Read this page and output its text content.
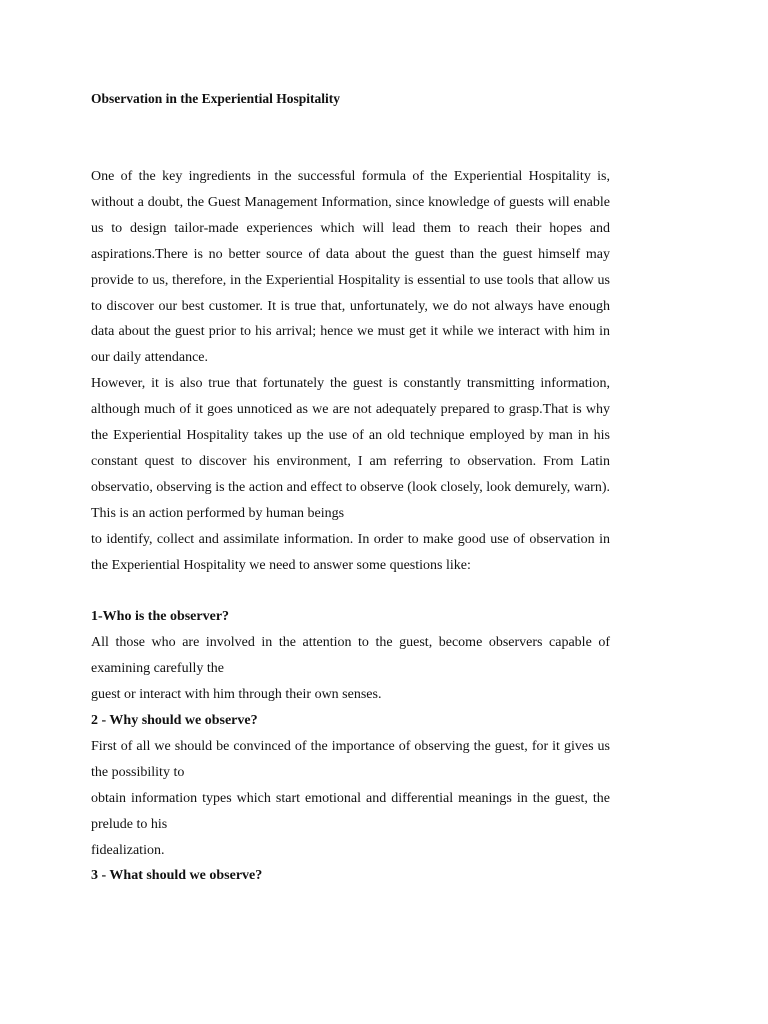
Observation in the Experiential Hospitality

One of the key ingredients in the successful formula of the Experiential Hospitality is, without a doubt, the Guest Management Information, since knowledge of guests will enable us to design tailor-made experiences which will lead them to reach their hopes and aspirations.There is no better source of data about the guest than the guest himself may provide to us, therefore, in the Experiential Hospitality is essential to use tools that allow us to discover our best customer. It is true that, unfortunately, we do not always have enough data about the guest prior to his arrival; hence we must get it while we interact with him in our daily attendance.

However, it is also true that fortunately the guest is constantly transmitting information, although much of it goes unnoticed as we are not adequately prepared to grasp.That is why the Experiential Hospitality takes up the use of an old technique employed by man in his constant quest to discover his environment, I am referring to observation. From Latin observatio, observing is the action and effect to observe (look closely, look demurely, warn). This is an action performed by human beings

to identify, collect and assimilate information. In order to make good use of observation in the Experiential Hospitality we need to answer some questions like:

1-Who is the observer?

All those who are involved in the attention to the guest, become observers capable of examining carefully the

guest or interact with him through their own senses.

2 - Why should we observe?

First of all we should be convinced of the importance of observing the guest, for it gives us the possibility to

obtain information types which start emotional and differential meanings in the guest, the prelude to his

fidealization.

3 - What should we observe?
